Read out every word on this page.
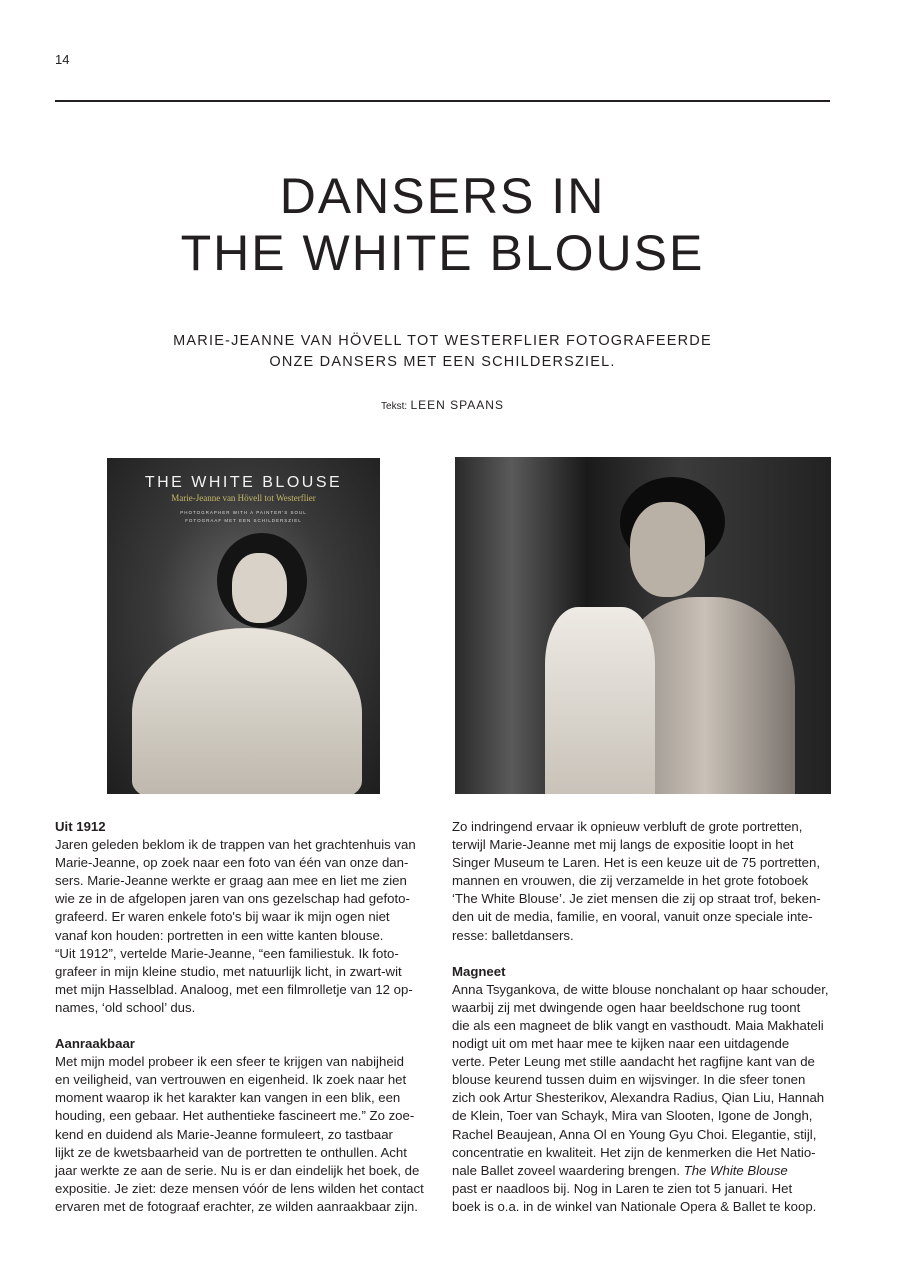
14
DANSERS IN
THE WHITE BLOUSE
MARIE-JEANNE VAN HÖVELL TOT WESTERFLIER FOTOGRAFEERDE
ONZE DANSERS MET EEN SCHILDERSZIEL.
Tekst: LEEN SPAANS
THE WHITE BLOUSE
Marie-Jeanne van Hövell tot Westerflier
PHOTOGRAPHER WITH A PAINTER'S SOUL
FOTOGRAAF MET EEN SCHILDERSZIEL
Uit 1912
Jaren geleden beklom ik de trappen van het grachtenhuis van
Marie-Jeanne, op zoek naar een foto van één van onze dan-
sers. Marie-Jeanne werkte er graag aan mee en liet me zien
wie ze in de afgelopen jaren van ons gezelschap had gefoto-
grafeerd. Er waren enkele foto's bij waar ik mijn ogen niet
vanaf kon houden: portretten in een witte kanten blouse.
“Uit 1912”, vertelde Marie-Jeanne, “een familiestuk. Ik foto-
grafeer in mijn kleine studio, met natuurlijk licht, in zwart-wit
met mijn Hasselblad. Analoog, met een filmrolletje van 12 op-
names, ‘old school’ dus.
Aanraakbaar
Met mijn model probeer ik een sfeer te krijgen van nabijheid
en veiligheid, van vertrouwen en eigenheid. Ik zoek naar het
moment waarop ik het karakter kan vangen in een blik, een
houding, een gebaar. Het authentieke fascineert me.” Zo zoe-
kend en duidend als Marie-Jeanne formuleert, zo tastbaar
lijkt ze de kwetsbaarheid van de portretten te onthullen. Acht
jaar werkte ze aan de serie. Nu is er dan eindelijk het boek, de
expositie. Je ziet: deze mensen vóór de lens wilden het contact
ervaren met de fotograaf erachter, ze wilden aanraakbaar zijn.
Zo indringend ervaar ik opnieuw verbluft de grote portretten,
terwijl Marie-Jeanne met mij langs de expositie loopt in het
Singer Museum te Laren. Het is een keuze uit de 75 portretten,
mannen en vrouwen, die zij verzamelde in het grote fotoboek
‘The White Blouse’. Je ziet mensen die zij op straat trof, beken-
den uit de media, familie, en vooral, vanuit onze speciale inte-
resse: balletdansers.
Magneet
Anna Tsygankova, de witte blouse nonchalant op haar schouder,
waarbij zij met dwingende ogen haar beeldschone rug toont
die als een magneet de blik vangt en vasthoudt. Maia Makhateli
nodigt uit om met haar mee te kijken naar een uitdagende
verte. Peter Leung met stille aandacht het ragfijne kant van de
blouse keurend tussen duim en wijsvinger. In die sfeer tonen
zich ook Artur Shesterikov, Alexandra Radius, Qian Liu, Hannah
de Klein, Toer van Schayk, Mira van Slooten, Igone de Jongh,
Rachel Beaujean, Anna Ol en Young Gyu Choi. Elegantie, stijl,
concentratie en kwaliteit. Het zijn de kenmerken die Het Natio-
nale Ballet zoveel waardering brengen. The White Blouse
past er naadloos bij. Nog in Laren te zien tot 5 januari. Het
boek is o.a. in de winkel van Nationale Opera & Ballet te koop.
